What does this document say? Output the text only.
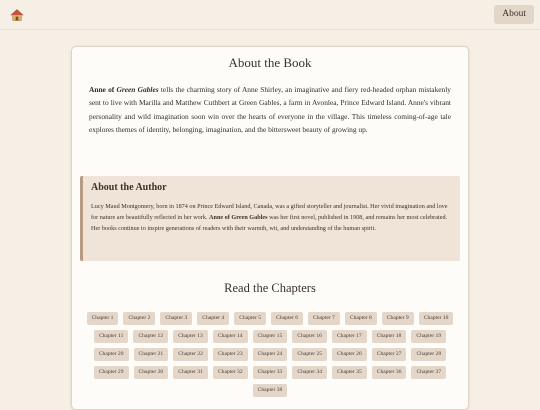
About
About the Book

Anne of Green Gables tells the charming story of Anne Shirley, an imaginative and fiery red-headed orphan mistakenly sent to live with Marilla and Matthew Cuthbert at Green Gables, a farm in Avonlea, Prince Edward Island. Anne's vibrant personality and wild imagination soon win over the hearts of everyone in the village. This timeless coming-of-age tale explores themes of identity, belonging, imagination, and the bittersweet beauty of growing up.

About the Author

Lucy Maud Montgomery, born in 1874 on Prince Edward Island, Canada, was a gifted storyteller and journalist. Her vivid imagination and love for nature are beautifully reflected in her work. Anne of Green Gables was her first novel, published in 1908, and remains her most celebrated. Her books continue to inspire generations of readers with their warmth, wit, and understanding of the human spirit.

Read the Chapters
Chapter 1	Chapter 2	Chapter 3	Chapter 4	Chapter 5	Chapter 6	Chapter 7	Chapter 8	Chapter 9	Chapter 10
Chapter 11	Chapter 12	Chapter 13	Chapter 14	Chapter 15	Chapter 16	Chapter 17	Chapter 18	Chapter 19
Chapter 20	Chapter 21	Chapter 22	Chapter 23	Chapter 24	Chapter 25	Chapter 26	Chapter 27	Chapter 28
Chapter 29	Chapter 30	Chapter 31	Chapter 32	Chapter 33	Chapter 34	Chapter 35	Chapter 36	Chapter 37
Chapter 38
